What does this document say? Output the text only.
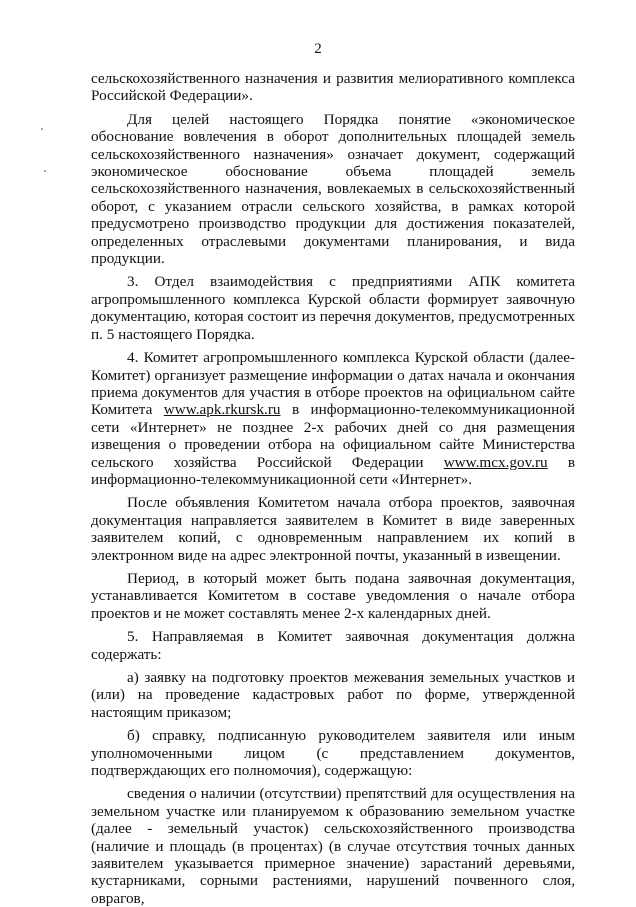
2

сельскохозяйственного назначения и развития мелиоративного комплекса Российской Федерации».

Для целей настоящего Порядка понятие «экономическое обоснование вовлечения в оборот дополнительных площадей земель сельскохозяйственного назначения» означает документ, содержащий экономическое обоснование объема площадей земель сельскохозяйственного назначения, вовлекаемых в сельскохозяйственный оборот, с указанием отрасли сельского хозяйства, в рамках которой предусмотрено производство продукции для достижения показателей, определенных отраслевыми документами планирования, и вида продукции.

3. Отдел взаимодействия с предприятиями АПК комитета агропромышленного комплекса Курской области формирует заявочную документацию, которая состоит из перечня документов, предусмотренных п. 5 настоящего Порядка.

4. Комитет агропромышленного комплекса Курской области (далее- Комитет) организует размещение информации о датах начала и окончания приема документов для участия в отборе проектов на официальном сайте Комитета www.apk.rkursk.ru в информационно-телекоммуникационной сети «Интернет» не позднее 2-х рабочих дней со дня размещения извещения о проведении отбора на официальном сайте Министерства сельского хозяйства Российской Федерации www.mcx.gov.ru в информационно-телекоммуникационной сети «Интернет».

После объявления Комитетом начала отбора проектов, заявочная документация направляется заявителем в Комитет в виде заверенных заявителем копий, с одновременным направлением их копий в электронном виде на адрес электронной почты, указанный в извещении.

Период, в который может быть подана заявочная документация, устанавливается Комитетом в составе уведомления о начале отбора проектов и не может составлять менее 2-х календарных дней.

5. Направляемая в Комитет заявочная документация должна содержать:

а) заявку на подготовку проектов межевания земельных участков и (или) на проведение кадастровых работ по форме, утвержденной настоящим приказом;

б) справку, подписанную руководителем заявителя или иным уполномоченными лицом (с представлением документов, подтверждающих его полномочия), содержащую:

сведения о наличии (отсутствии) препятствий для осуществления на земельном участке или планируемом к образованию земельном участке (далее - земельный участок) сельскохозяйственного производства (наличие и площадь (в процентах) (в случае отсутствия точных данных заявителем указывается примерное значение) зарастаний деревьями, кустарниками, сорными растениями, нарушений почвенного слоя, оврагов,
